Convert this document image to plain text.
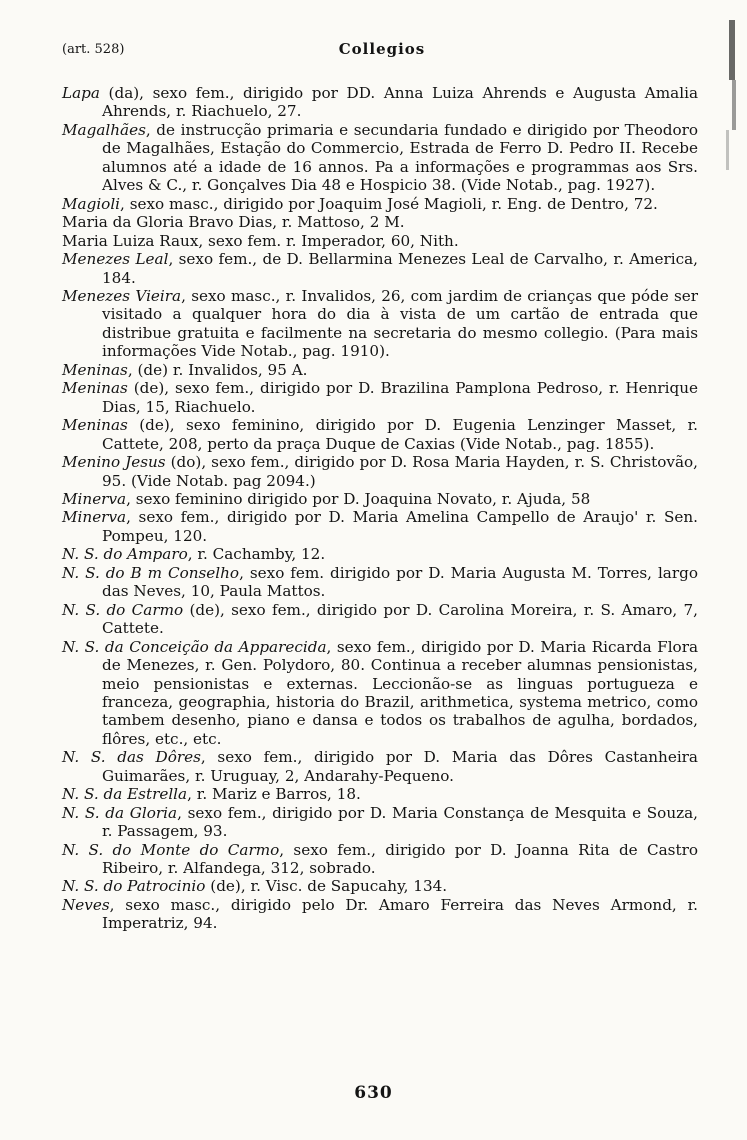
(art. 528)	Collegios

Lapa (da), sexo fem., dirigido por DD. Anna Luiza Ahrends e Augusta Amalia Ahrends, r. Riachuelo, 27.

Magalhães, de instrucção primaria e secundaria fundado e dirigido por Theodoro de Magalhães, Estação do Commercio, Estrada de Ferro D. Pedro II. Recebe alumnos até a idade de 16 annos. Pa a informações e programmas aos Srs. Alves & C., r. Gonçalves Dia 48 e Hospicio 38. (Vide Notab., pag. 1927).

Magioli, sexo masc., dirigido por Joaquim José Magioli, r. Eng. de Dentro, 72.

Maria da Gloria Bravo Dias, r. Mattoso, 2 M.

Maria Luiza Raux, sexo fem. r. Imperador, 60, Nith.

Menezes Leal, sexo fem., de D. Bellarmina Menezes Leal de Carvalho, r. America, 184.

Menezes Vieira, sexo masc., r. Invalidos, 26, com jardim de crianças que póde ser visitado a qualquer hora do dia à vista de um cartão de entrada que distribue gratuita e facilmente na secretaria do mesmo collegio. (Para mais informações Vide Notab., pag. 1910).

Meninas, (de) r. Invalidos, 95 A.

Meninas (de), sexo fem., dirigido por D. Brazilina Pamplona Pedroso, r. Henrique Dias, 15, Riachuelo.

Meninas (de), sexo feminino, dirigido por D. Eugenia Lenzinger Masset, r. Cattete, 208, perto da praça Duque de Caxias (Vide Notab., pag. 1855).

Menino Jesus (do), sexo fem., dirigido por D. Rosa Maria Hayden, r. S. Christovão, 95. (Vide Notab. pag 2094.)

Minerva, sexo feminino dirigido por D. Joaquina Novato, r. Ajuda, 58

Minerva, sexo fem., dirigido por D. Maria Amelina Campello de Araujo' r. Sen. Pompeu, 120.

N. S. do Amparo, r. Cachamby, 12.

N. S. do B m Conselho, sexo fem. dirigido por D. Maria Augusta M. Torres, largo das Neves, 10, Paula Mattos.

N. S. do Carmo (de), sexo fem., dirigido por D. Carolina Moreira, r. S. Amaro, 7, Cattete.

N. S. da Conceição da Apparecida, sexo fem., dirigido por D. Maria Ricarda Flora de Menezes, r. Gen. Polydoro, 80. Continua a receber alumnas pensionistas, meio pensionistas e externas. Leccionão-se as linguas portugueza e franceza, geographia, historia do Brazil, arithmetica, systema metrico, como tambem desenho, piano e dansa e todos os trabalhos de agulha, bordados, flôres, etc., etc.

N. S. das Dôres, sexo fem., dirigido por D. Maria das Dôres Castanheira Guimarães, r. Uruguay, 2, Andarahy-Pequeno.

N. S. da Estrella, r. Mariz e Barros, 18.

N. S. da Gloria, sexo fem., dirigido por D. Maria Constança de Mesquita e Souza, r. Passagem, 93.

N. S. do Monte do Carmo, sexo fem., dirigido por D. Joanna Rita de Castro Ribeiro, r. Alfandega, 312, sobrado.

N. S. do Patrocinio (de), r. Visc. de Sapucahy, 134.

Neves, sexo masc., dirigido pelo Dr. Amaro Ferreira das Neves Armond, r. Imperatriz, 94.

630
